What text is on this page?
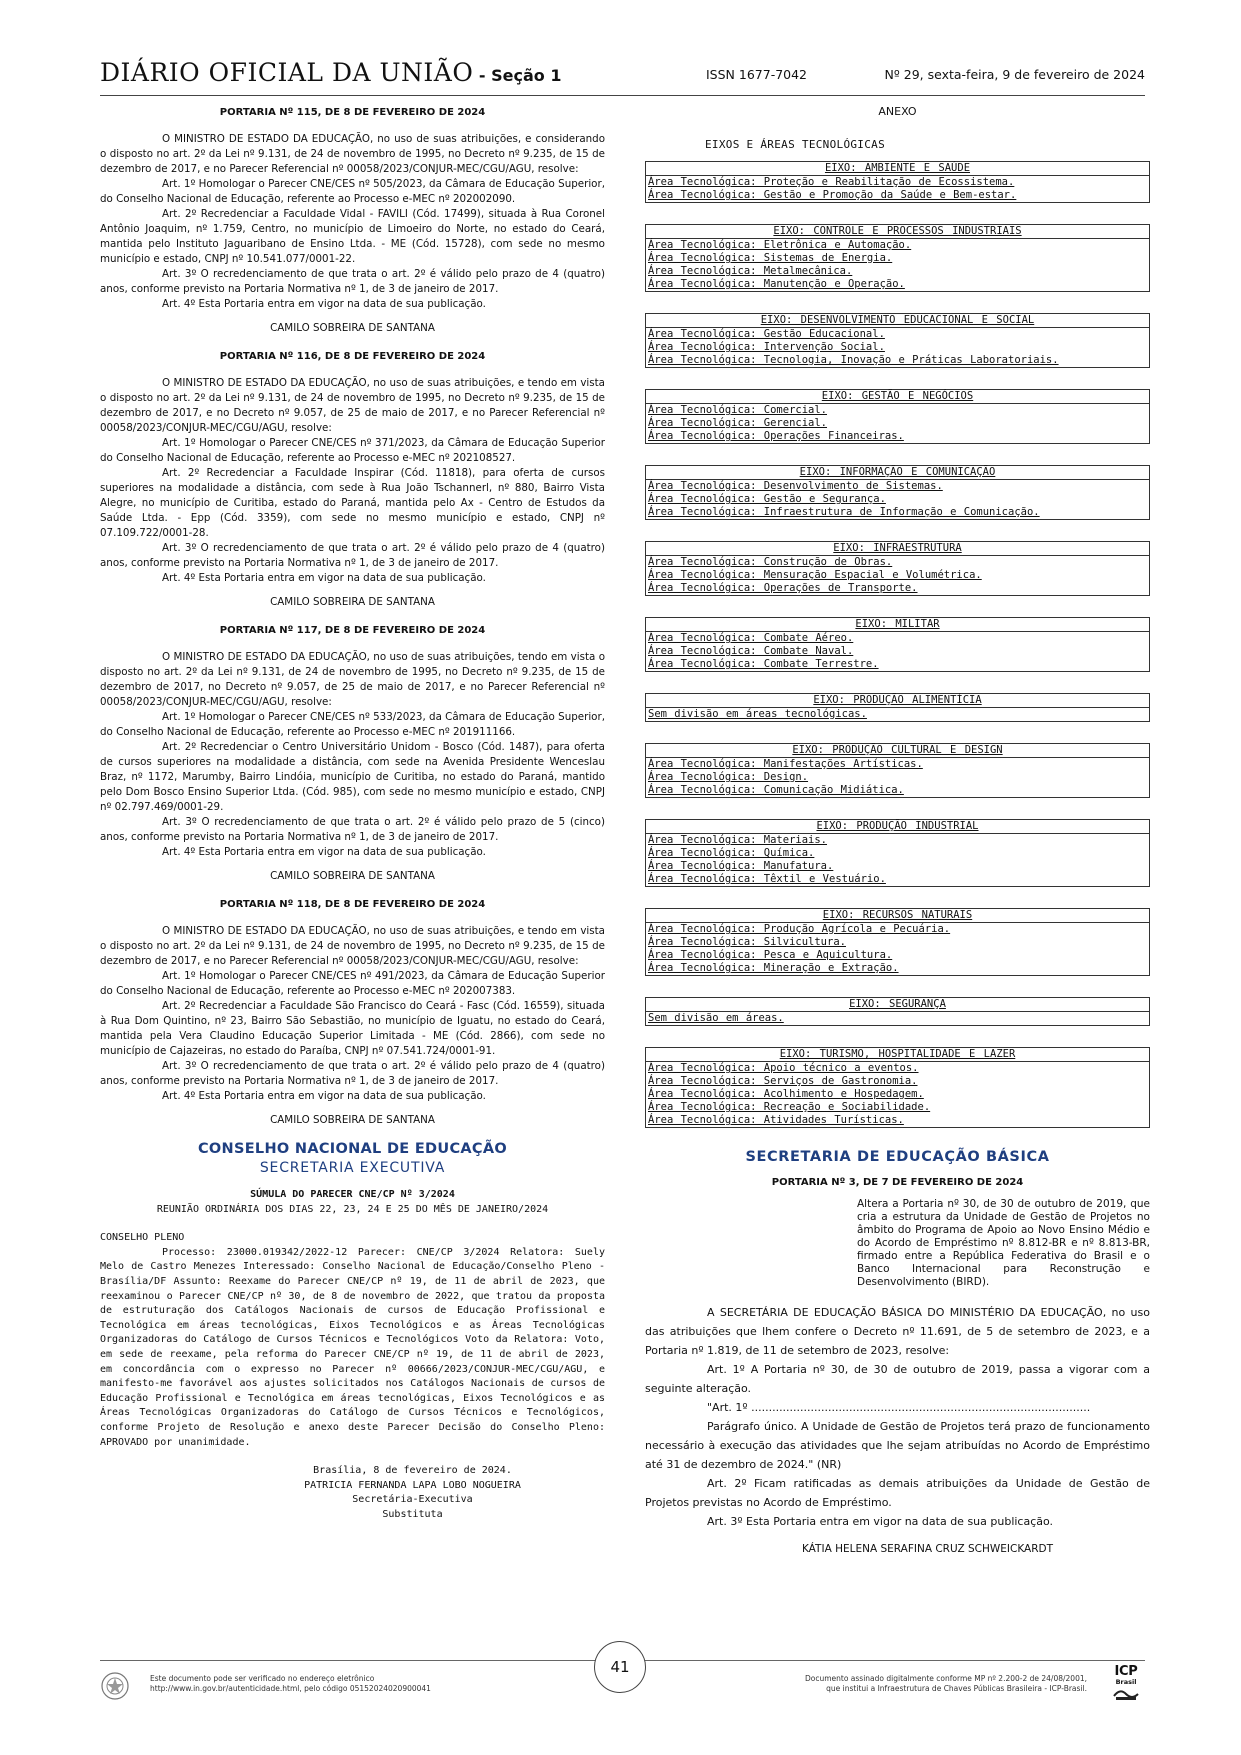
DIÁRIO OFICIAL DA UNIÃO - Seção 1	ISSN 1677-7042	Nº 29, sexta-feira, 9 de fevereiro de 2024
PORTARIA Nº 115, DE 8 DE FEVEREIRO DE 2024

O MINISTRO DE ESTADO DA EDUCAÇÃO, no uso de suas atribuições, e considerando o disposto no art. 2º da Lei nº 9.131, de 24 de novembro de 1995, no Decreto nº 9.235, de 15 de dezembro de 2017, e no Parecer Referencial nº 00058/2023/CONJUR-MEC/CGU/AGU, resolve:

Art. 1º Homologar o Parecer CNE/CES nº 505/2023, da Câmara de Educação Superior, do Conselho Nacional de Educação, referente ao Processo e-MEC nº 202002090.

Art. 2º Recredenciar a Faculdade Vidal - FAVILI (Cód. 17499), situada à Rua Coronel Antônio Joaquim, nº 1.759, Centro, no município de Limoeiro do Norte, no estado do Ceará, mantida pelo Instituto Jaguaribano de Ensino Ltda. - ME (Cód. 15728), com sede no mesmo município e estado, CNPJ nº 10.541.077/0001-22.

Art. 3º O recredenciamento de que trata o art. 2º é válido pelo prazo de 4 (quatro) anos, conforme previsto na Portaria Normativa nº 1, de 3 de janeiro de 2017.

Art. 4º Esta Portaria entra em vigor na data de sua publicação.

CAMILO SOBREIRA DE SANTANA
PORTARIA Nº 116, DE 8 DE FEVEREIRO DE 2024

O MINISTRO DE ESTADO DA EDUCAÇÃO, no uso de suas atribuições, e tendo em vista o disposto no art. 2º da Lei nº 9.131, de 24 de novembro de 1995, no Decreto nº 9.235, de 15 de dezembro de 2017, e no Decreto nº 9.057, de 25 de maio de 2017, e no Parecer Referencial nº 00058/2023/CONJUR-MEC/CGU/AGU, resolve:

Art. 1º Homologar o Parecer CNE/CES nº 371/2023, da Câmara de Educação Superior do Conselho Nacional de Educação, referente ao Processo e-MEC nº 202108527.

Art. 2º Recredenciar a Faculdade Inspirar (Cód. 11818), para oferta de cursos superiores na modalidade a distância, com sede à Rua João Tschannerl, nº 880, Bairro Vista Alegre, no município de Curitiba, estado do Paraná, mantida pelo Ax - Centro de Estudos da Saúde Ltda. - Epp (Cód. 3359), com sede no mesmo município e estado, CNPJ nº 07.109.722/0001-28.

Art. 3º O recredenciamento de que trata o art. 2º é válido pelo prazo de 4 (quatro) anos, conforme previsto na Portaria Normativa nº 1, de 3 de janeiro de 2017.

Art. 4º Esta Portaria entra em vigor na data de sua publicação.

CAMILO SOBREIRA DE SANTANA
PORTARIA Nº 117, DE 8 DE FEVEREIRO DE 2024

O MINISTRO DE ESTADO DA EDUCAÇÃO, no uso de suas atribuições, tendo em vista o disposto no art. 2º da Lei nº 9.131, de 24 de novembro de 1995, no Decreto nº 9.235, de 15 de dezembro de 2017, no Decreto nº 9.057, de 25 de maio de 2017, e no Parecer Referencial nº 00058/2023/CONJUR-MEC/CGU/AGU, resolve:

Art. 1º Homologar o Parecer CNE/CES nº 533/2023, da Câmara de Educação Superior, do Conselho Nacional de Educação, referente ao Processo e-MEC nº 201911166.

Art. 2º Recredenciar o Centro Universitário Unidom - Bosco (Cód. 1487), para oferta de cursos superiores na modalidade a distância, com sede na Avenida Presidente Wenceslau Braz, nº 1172, Marumby, Bairro Lindóia, município de Curitiba, no estado do Paraná, mantido pelo Dom Bosco Ensino Superior Ltda. (Cód. 985), com sede no mesmo município e estado, CNPJ nº 02.797.469/0001-29.

Art. 3º O recredenciamento de que trata o art. 2º é válido pelo prazo de 5 (cinco) anos, conforme previsto na Portaria Normativa nº 1, de 3 de janeiro de 2017.

Art. 4º Esta Portaria entra em vigor na data de sua publicação.

CAMILO SOBREIRA DE SANTANA
PORTARIA Nº 118, DE 8 DE FEVEREIRO DE 2024

O MINISTRO DE ESTADO DA EDUCAÇÃO, no uso de suas atribuições, e tendo em vista o disposto no art. 2º da Lei nº 9.131, de 24 de novembro de 1995, no Decreto nº 9.235, de 15 de dezembro de 2017, e no Parecer Referencial nº 00058/2023/CONJUR-MEC/CGU/AGU, resolve:

Art. 1º Homologar o Parecer CNE/CES nº 491/2023, da Câmara de Educação Superior do Conselho Nacional de Educação, referente ao Processo e-MEC nº 202007383.

Art. 2º Recredenciar a Faculdade São Francisco do Ceará - Fasc (Cód. 16559), situada à Rua Dom Quintino, nº 23, Bairro São Sebastião, no município de Iguatu, no estado do Ceará, mantida pela Vera Claudino Educação Superior Limitada - ME (Cód. 2866), com sede no município de Cajazeiras, no estado do Paraíba, CNPJ nº 07.541.724/0001-91.

Art. 3º O recredenciamento de que trata o art. 2º é válido pelo prazo de 4 (quatro) anos, conforme previsto na Portaria Normativa nº 1, de 3 de janeiro de 2017.

Art. 4º Esta Portaria entra em vigor na data de sua publicação.

CAMILO SOBREIRA DE SANTANA
CONSELHO NACIONAL DE EDUCAÇÃO
SECRETARIA EXECUTIVA
SÚMULA DO PARECER CNE/CP Nº 3/2024
REUNIÃO ORDINÁRIA DOS DIAS 22, 23, 24 E 25 DO MÊS DE JANEIRO/2024
CONSELHO PLENO

Processo: 23000.019342/2022-12 Parecer: CNE/CP 3/2024 Relatora: Suely Melo de Castro Menezes Interessado: Conselho Nacional de Educação/Conselho Pleno - Brasília/DF Assunto: Reexame do Parecer CNE/CP nº 19, de 11 de abril de 2023, que reexaminou o Parecer CNE/CP nº 30, de 8 de novembro de 2022, que tratou da proposta de estruturação dos Catálogos Nacionais de cursos de Educação Profissional e Tecnológica em áreas tecnológicas, Eixos Tecnológicos e as Áreas Tecnológicas Organizadoras do Catálogo de Cursos Técnicos e Tecnológicos Voto da Relatora: Voto, em sede de reexame, pela reforma do Parecer CNE/CP nº 19, de 11 de abril de 2023, em concordância com o expresso no Parecer nº 00666/2023/CONJUR-MEC/CGU/AGU, e manifesto-me favorável aos ajustes solicitados nos Catálogos Nacionais de cursos de Educação Profissional e Tecnológica em áreas tecnológicas, Eixos Tecnológicos e as Áreas Tecnológicas Organizadoras do Catálogo de Cursos Técnicos e Tecnológicos, conforme Projeto de Resolução e anexo deste Parecer Decisão do Conselho Pleno: APROVADO por unanimidade.

Brasília, 8 de fevereiro de 2024.
PATRICIA FERNANDA LAPA LOBO NOGUEIRA
Secretária-Executiva
Substituta
ANEXO
EIXOS E ÁREAS TECNOLÓGICAS
EIXO: AMBIENTE E SAÚDE
Área Tecnológica: Proteção e Reabilitação de Ecossistema.
Área Tecnológica: Gestão e Promoção da Saúde e Bem-estar.
EIXO: CONTROLE E PROCESSOS INDUSTRIAIS
Área Tecnológica: Eletrônica e Automação.
Área Tecnológica: Sistemas de Energia.
Área Tecnológica: Metalmecânica.
Área Tecnológica: Manutenção e Operação.
EIXO: DESENVOLVIMENTO EDUCACIONAL E SOCIAL
Área Tecnológica: Gestão Educacional.
Área Tecnológica: Intervenção Social.
Área Tecnológica: Tecnologia, Inovação e Práticas Laboratoriais.
EIXO: GESTÃO E NEGÓCIOS
Área Tecnológica: Comercial.
Área Tecnológica: Gerencial.
Área Tecnológica: Operações Financeiras.
EIXO: INFORMAÇÃO E COMUNICAÇÃO
Área Tecnológica: Desenvolvimento de Sistemas.
Área Tecnológica: Gestão e Segurança.
Área Tecnológica: Infraestrutura de Informação e Comunicação.
EIXO: INFRAESTRUTURA
Área Tecnológica: Construção de Obras.
Área Tecnológica: Mensuração Espacial e Volumétrica.
Área Tecnológica: Operações de Transporte.
EIXO: MILITAR
Área Tecnológica: Combate Aéreo.
Área Tecnológica: Combate Naval.
Área Tecnológica: Combate Terrestre.
EIXO: PRODUÇÃO ALIMENTÍCIA
Sem divisão em áreas tecnológicas.
EIXO: PRODUÇÃO CULTURAL E DESIGN
Área Tecnológica: Manifestações Artísticas.
Área Tecnológica: Design.
Área Tecnológica: Comunicação Midiática.
EIXO: PRODUÇÃO INDUSTRIAL
Área Tecnológica: Materiais.
Área Tecnológica: Química.
Área Tecnológica: Manufatura.
Área Tecnológica: Têxtil e Vestuário.
EIXO: RECURSOS NATURAIS
Área Tecnológica: Produção Agrícola e Pecuária.
Área Tecnológica: Silvicultura.
Área Tecnológica: Pesca e Aquicultura.
Área Tecnológica: Mineração e Extração.
EIXO: SEGURANÇA
Sem divisão em áreas.
EIXO: TURISMO, HOSPITALIDADE E LAZER
Área Tecnológica: Apoio técnico a eventos.
Área Tecnológica: Serviços de Gastronomia.
Área Tecnológica: Acolhimento e Hospedagem.
Área Tecnológica: Recreação e Sociabilidade.
Área Tecnológica: Atividades Turísticas.
SECRETARIA DE EDUCAÇÃO BÁSICA
PORTARIA Nº 3, DE 7 DE FEVEREIRO DE 2024
Altera a Portaria nº 30, de 30 de outubro de 2019, que cria a estrutura da Unidade de Gestão de Projetos no âmbito do Programa de Apoio ao Novo Ensino Médio e do Acordo de Empréstimo nº 8.812-BR e nº 8.813-BR, firmado entre a República Federativa do Brasil e o Banco Internacional para Reconstrução e Desenvolvimento (BIRD).

A SECRETÁRIA DE EDUCAÇÃO BÁSICA DO MINISTÉRIO DA EDUCAÇÃO, no uso das atribuições que lhem confere o Decreto nº 11.691, de 5 de setembro de 2023, e a Portaria nº 1.819, de 11 de setembro de 2023, resolve:

Art. 1º A Portaria nº 30, de 30 de outubro de 2019, passa a vigorar com a seguinte alteração.

"Art. 1º .................................................................................................

Parágrafo único. A Unidade de Gestão de Projetos terá prazo de funcionamento necessário à execução das atividades que lhe sejam atribuídas no Acordo de Empréstimo até 31 de dezembro de 2024." (NR)

Art. 2º Ficam ratificadas as demais atribuições da Unidade de Gestão de Projetos previstas no Acordo de Empréstimo.

Art. 3º Esta Portaria entra em vigor na data de sua publicação.

KÁTIA HELENA SERAFINA CRUZ SCHWEICKARDT
Este documento pode ser verificado no endereço eletrônico
http://www.in.gov.br/autenticidade.html, pelo código 05152024020900041
41
Documento assinado digitalmente conforme MP nº 2.200-2 de 24/08/2001,
que institui a Infraestrutura de Chaves Públicas Brasileira - ICP-Brasil.
ICP
Brasil
